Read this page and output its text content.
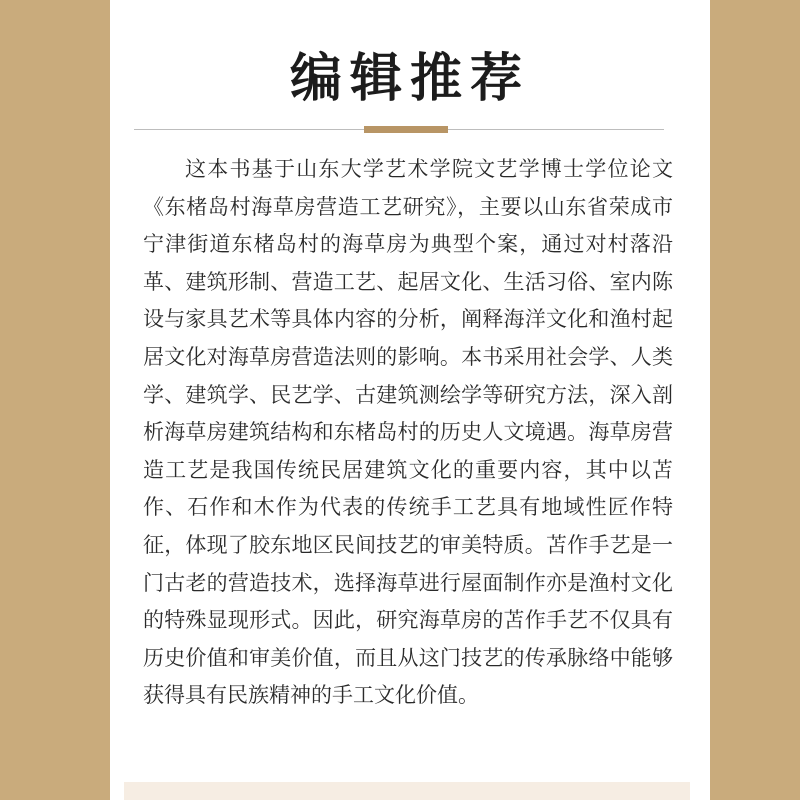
编辑推荐

这本书基于山东大学艺术学院文艺学博士学位论文《东楮岛村海草房营造工艺研究》，主要以山东省荣成市宁津街道东楮岛村的海草房为典型个案，通过对村落沿革、建筑形制、营造工艺、起居文化、生活习俗、室内陈设与家具艺术等具体内容的分析，阐释海洋文化和渔村起居文化对海草房营造法则的影响。本书采用社会学、人类学、建筑学、民艺学、古建筑测绘学等研究方法，深入剖析海草房建筑结构和东楮岛村的历史人文境遇。海草房营造工艺是我国传统民居建筑文化的重要内容，其中以苫作、石作和木作为代表的传统手工艺具有地域性匠作特征，体现了胶东地区民间技艺的审美特质。苫作手艺是一门古老的营造技术，选择海草进行屋面制作亦是渔村文化的特殊显现形式。因此，研究海草房的苫作手艺不仅具有历史价值和审美价值，而且从这门技艺的传承脉络中能够获得具有民族精神的手工文化价值。
